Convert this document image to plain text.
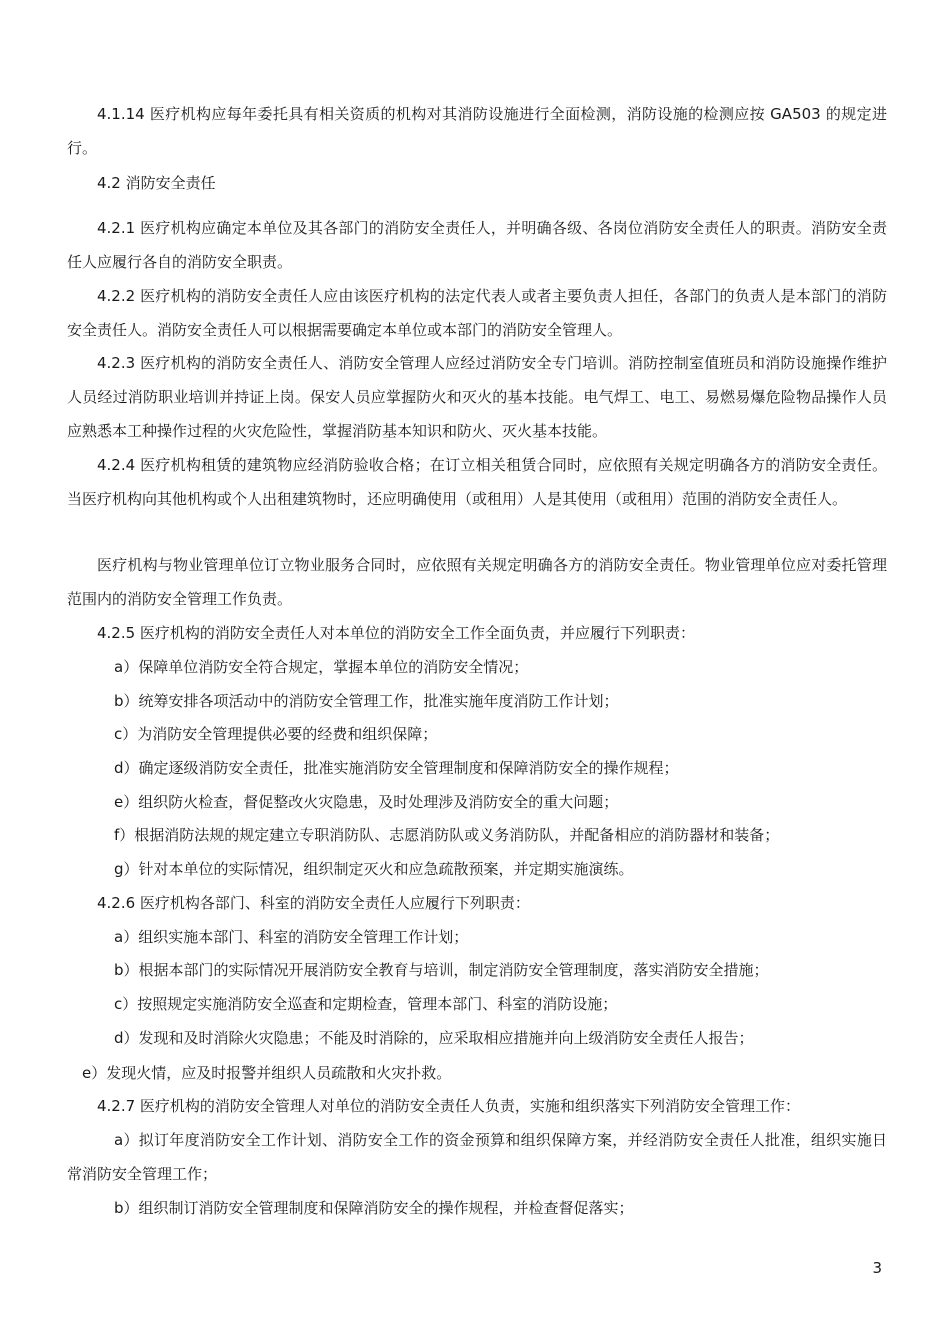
4.1.14 医疗机构应每年委托具有相关资质的机构对其消防设施进行全面检测，消防设施的检测应按 GA503 的规定进行。

4.2 消防安全责任

4.2.1 医疗机构应确定本单位及其各部门的消防安全责任人，并明确各级、各岗位消防安全责任人的职责。消防安全责任人应履行各自的消防安全职责。

4.2.2 医疗机构的消防安全责任人应由该医疗机构的法定代表人或者主要负责人担任，各部门的负责人是本部门的消防安全责任人。消防安全责任人可以根据需要确定本单位或本部门的消防安全管理人。

4.2.3 医疗机构的消防安全责任人、消防安全管理人应经过消防安全专门培训。消防控制室值班员和消防设施操作维护人员经过消防职业培训并持证上岗。保安人员应掌握防火和灭火的基本技能。电气焊工、电工、易燃易爆危险物品操作人员应熟悉本工种操作过程的火灾危险性，掌握消防基本知识和防火、灭火基本技能。

4.2.4 医疗机构租赁的建筑物应经消防验收合格；在订立相关租赁合同时，应依照有关规定明确各方的消防安全责任。当医疗机构向其他机构或个人出租建筑物时，还应明确使用（或租用）人是其使用（或租用）范围的消防安全责任人。

医疗机构与物业管理单位订立物业服务合同时，应依照有关规定明确各方的消防安全责任。物业管理单位应对委托管理范围内的消防安全管理工作负责。

4.2.5 医疗机构的消防安全责任人对本单位的消防安全工作全面负责，并应履行下列职责：

a）保障单位消防安全符合规定，掌握本单位的消防安全情况；

b）统筹安排各项活动中的消防安全管理工作，批准实施年度消防工作计划；

c）为消防安全管理提供必要的经费和组织保障；

d）确定逐级消防安全责任，批准实施消防安全管理制度和保障消防安全的操作规程；

e）组织防火检查，督促整改火灾隐患，及时处理涉及消防安全的重大问题；

f）根据消防法规的规定建立专职消防队、志愿消防队或义务消防队，并配备相应的消防器材和装备；

g）针对本单位的实际情况，组织制定灭火和应急疏散预案，并定期实施演练。

4.2.6 医疗机构各部门、科室的消防安全责任人应履行下列职责：

a）组织实施本部门、科室的消防安全管理工作计划；

b）根据本部门的实际情况开展消防安全教育与培训，制定消防安全管理制度，落实消防安全措施；

c）按照规定实施消防安全巡查和定期检查，管理本部门、科室的消防设施；

d）发现和及时消除火灾隐患；不能及时消除的，应采取相应措施并向上级消防安全责任人报告；

e）发现火情，应及时报警并组织人员疏散和火灾扑救。

4.2.7 医疗机构的消防安全管理人对单位的消防安全责任人负责，实施和组织落实下列消防安全管理工作：

a）拟订年度消防安全工作计划、消防安全工作的资金预算和组织保障方案，并经消防安全责任人批准，组织实施日常消防安全管理工作；

b）组织制订消防安全管理制度和保障消防安全的操作规程，并检查督促落实；

3
